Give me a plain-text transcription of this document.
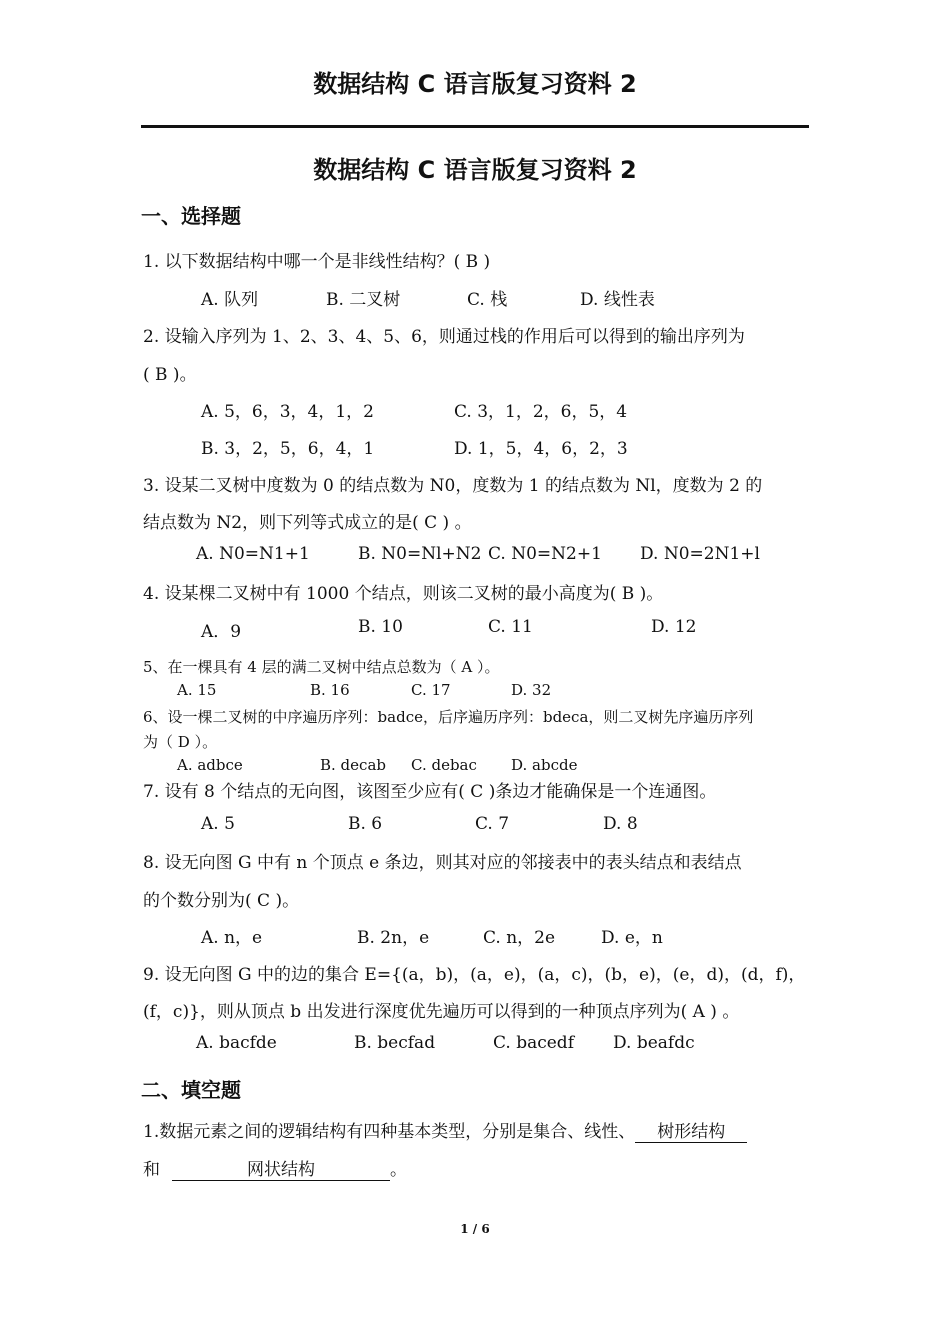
数据结构 C 语言版复习资料 2
数据结构 C 语言版复习资料 2
一、选择题
1. 以下数据结构中哪一个是非线性结构？( B )
A. 队列	B. 二叉树	C. 栈	D. 线性表
2. 设输入序列为 1、2、3、4、5、6，则通过栈的作用后可以得到的输出序列为
( B )。
A. 5，6，3，4，1，2	C. 3，1，2，6，5，4
B. 3，2，5，6，4，1	D. 1，5，4，6，2，3
3. 设某二叉树中度数为 0 的结点数为 N0，度数为 1 的结点数为 Nl，度数为 2 的
结点数为 N2，则下列等式成立的是( C ) 。
A. N0=N1+1	B. N0=Nl+N2 C. N0=N2+1 D. N0=2N1+l
4. 设某棵二叉树中有 1000 个结点，则该二叉树的最小高度为( B )。
A．9	B. 10	C. 11	D. 12
5、在一棵具有 4 层的满二叉树中结点总数为（ A ）。
A. 15	B. 16	C. 17	D. 32
6、设一棵二叉树的中序遍历序列：badce，后序遍历序列：bdeca，则二叉树先序遍历序列
为（ D ）。
A. adbce	B. decab C. debac D. abcde
7. 设有 8 个结点的无向图，该图至少应有( C )条边才能确保是一个连通图。
A. 5	B. 6	C. 7	D. 8
8. 设无向图 G 中有 n 个顶点 e 条边，则其对应的邻接表中的表头结点和表结点
的个数分别为( C )。
A. n，e	B. 2n，e	C. n，2e	D. e，n
9. 设无向图 G 中的边的集合 E={(a，b)，(a，e)，(a，c)，(b，e)，(e，d)，(d，f)，
(f，c)}，则从顶点 b 出发进行深度优先遍历可以得到的一种顶点序列为( A ) 。
A. bacfde	B. becfad	C. bacedf D. beafdc
二、填空题
1.数据元素之间的逻辑结构有四种基本类型，分别是集合、线性、 树形结构
和	网状结构	。
1 / 6
